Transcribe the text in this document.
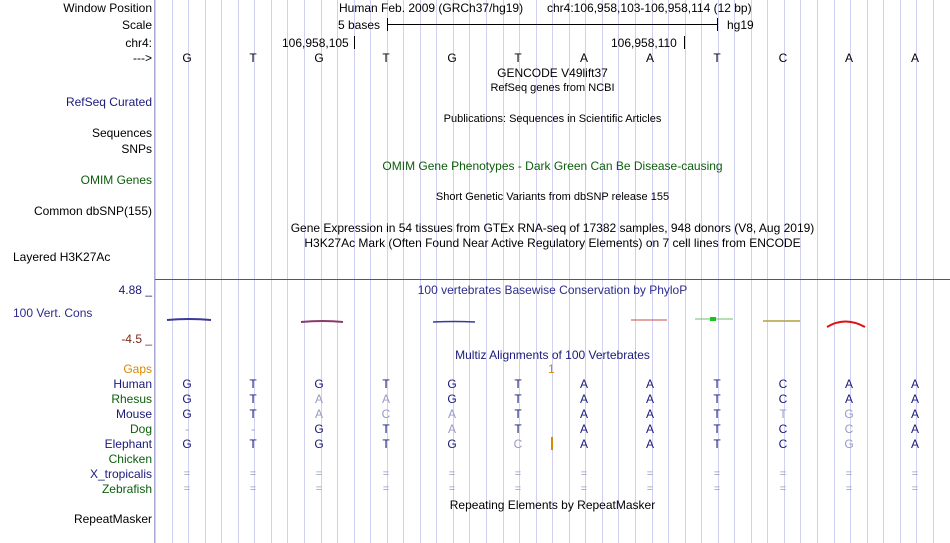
Window Position	Human Feb. 2009 (GRCh37/hg19) chr4:106,958,103-106,958,114 (12 bp)
Scale	5 bases	hg19
chr4:	106,958,105	106,958,110
--->	G	T	G	T	G	T	A	A	T	C	A	A
GENCODE V49lift37
RefSeq genes from NCBI
RefSeq Curated
Publications: Sequences in Scientific Articles
Sequences
SNPs
OMIM Gene Phenotypes - Dark Green Can Be Disease-causing
OMIM Genes
Short Genetic Variants from dbSNP release 155
Common dbSNP(155)
Gene Expression in 54 tissues from GTEx RNA-seq of 17382 samples, 948 donors (V8, Aug 2019)
H3K27Ac Mark (Often Found Near Active Regulatory Elements) on 7 cell lines from ENCODE
Layered H3K27Ac
4.88 _	100 vertebrates Basewise Conservation by PhyloP
100 Vert. Cons
-4.5 _
Multiz Alignments of 100 Vertebrates
Gaps	1
Human	G	T	G	T	G	T	A	A	T	C	A	A
Rhesus	G	T	A	A	G	T	A	A	T	C	A	A
Mouse	G	T	A	C	A	T	A	A	T	T	G	A
Dog	-	-	G	T	A	T	A	A	T	C	C	A
Elephant	G	T	G	T	G	C	A	A	T	C	G	A
Chicken
X_tropicalis	=	=	=	=	=	=	=	=	=	=	=	=
Zebrafish	=	=	=	=	=	=	=	=	=	=	=	=
Repeating Elements by RepeatMasker
RepeatMasker
